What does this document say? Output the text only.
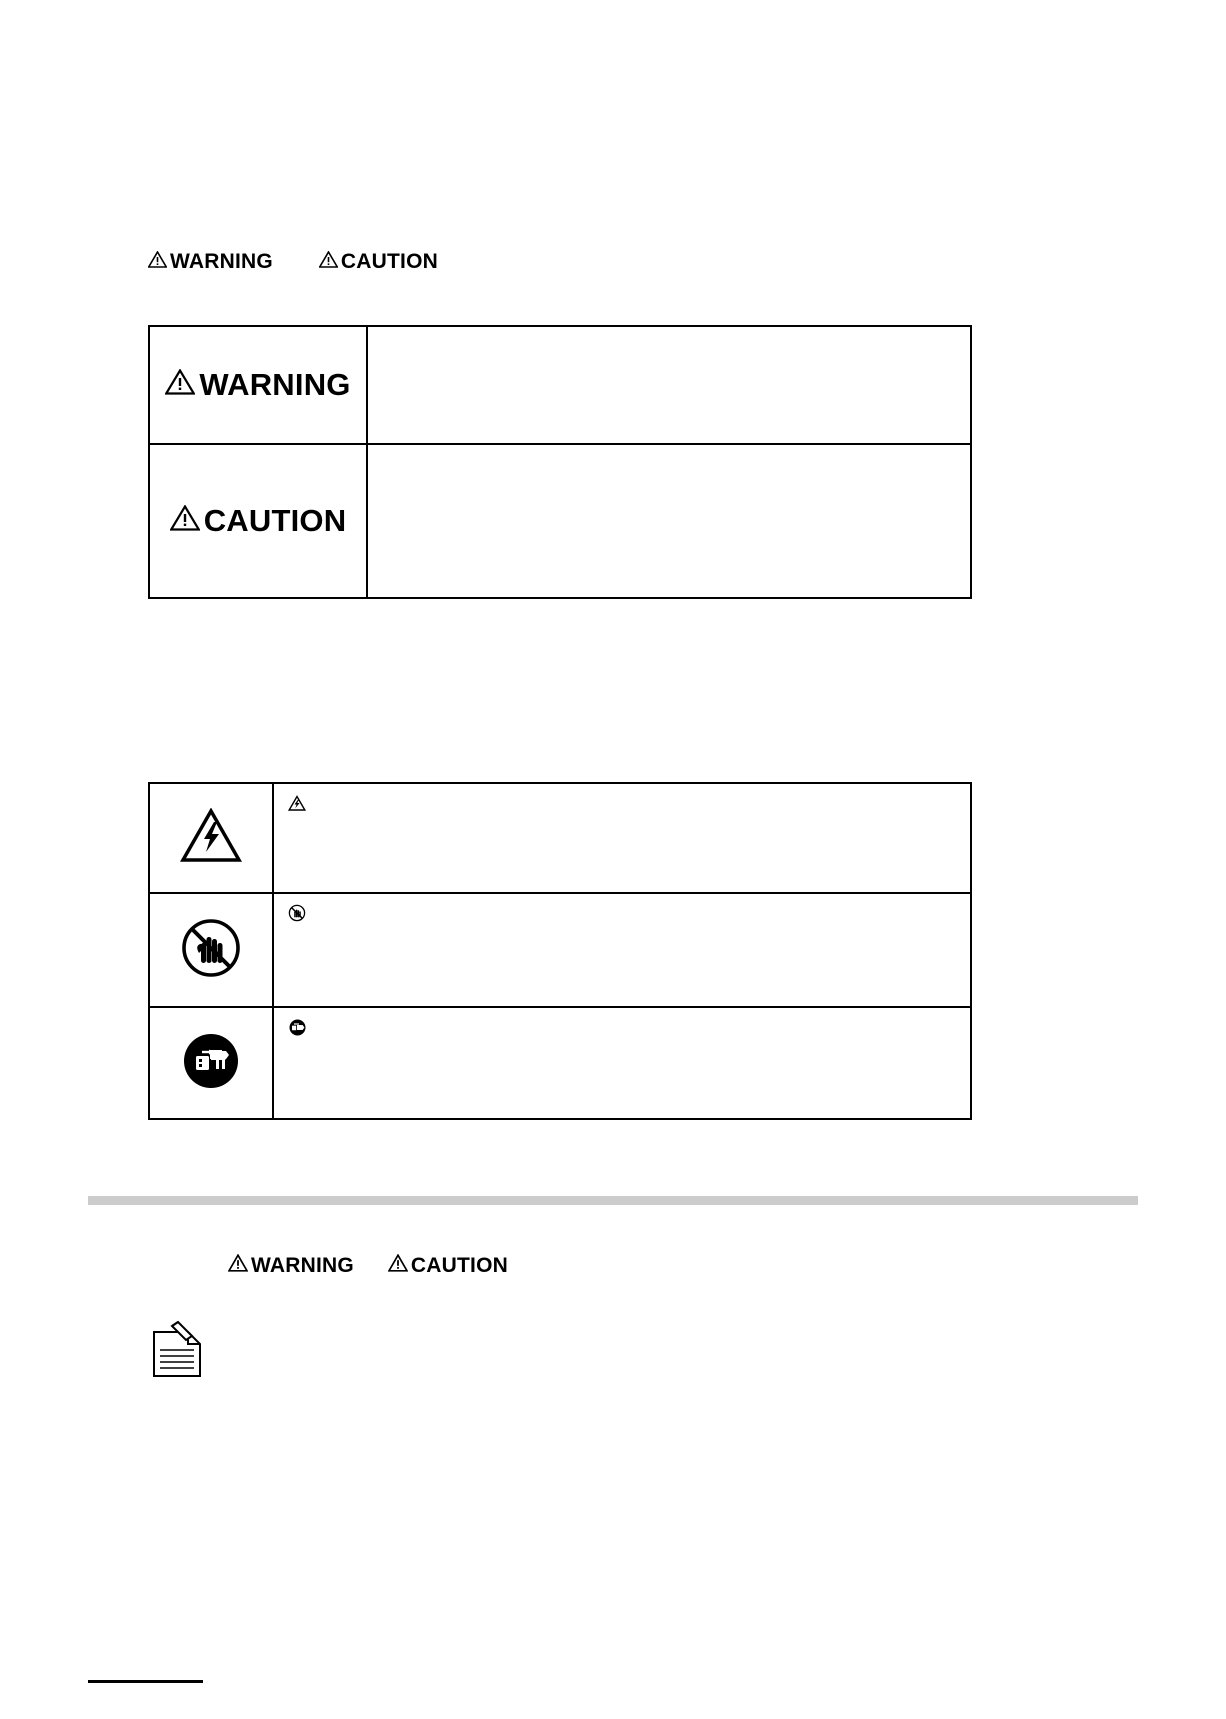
WARNING	CAUTION
WARNING
CAUTION
WARNING	CAUTION
